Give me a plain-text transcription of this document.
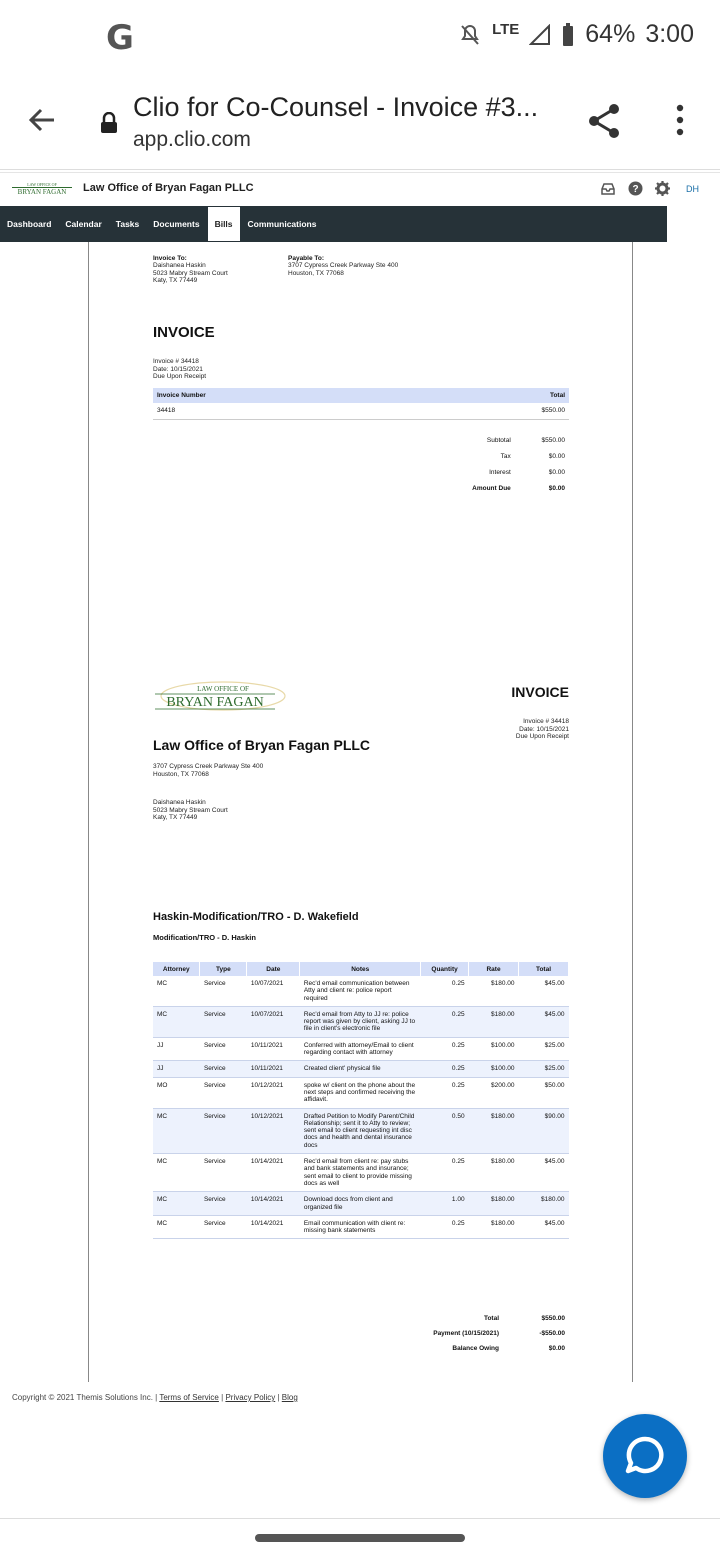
G	LTE	64% 3:00
Clio for Co-Counsel - Invoice #3...
app.clio.com
LAW OFFICE OF
BRYAN FAGAN Law Office of Bryan Fagan PLLC	?	DH
Dashboard	Calendar	Tasks	Documents	Bills	Communications
Invoice To:
Daishanea Haskin
5023 Mabry Stream Court
Katy, TX 77449
Payable To:
3707 Cypress Creek Parkway Ste 400
Houston, TX 77068
INVOICE
Invoice # 34418
Date: 10/15/2021
Due Upon Receipt
Invoice Number	Total
34418	$550.00
Subtotal	$550.00
Tax	$0.00
Interest	$0.00
Amount Due	$0.00
LAW OFFICE OF
BRYAN FAGAN
INVOICE
Invoice # 34418
Date: 10/15/2021
Due Upon Receipt
Law Office of Bryan Fagan PLLC
3707 Cypress Creek Parkway Ste 400
Houston, TX 77068
Daishanea Haskin
5023 Mabry Stream Court
Katy, TX 77449
Haskin-Modification/TRO - D. Wakefield
Modification/TRO - D. Haskin
Attorney	Type	Date	Notes	Quantity	Rate	Total
MC	Service	10/07/2021	Rec'd email communication between Atty and client re: police report required	0.25	$180.00	$45.00
MC	Service	10/07/2021	Rec'd email from Atty to JJ re: police report was given by client, asking JJ to file in client's electronic file	0.25	$180.00	$45.00
JJ	Service	10/11/2021	Conferred with attorney/Email to client regarding contact with attorney	0.25	$100.00	$25.00
JJ	Service	10/11/2021	Created client' physical file	0.25	$100.00	$25.00
MO	Service	10/12/2021	spoke w/ client on the phone about the next steps and confirmed receiving the affidavit.	0.25	$200.00	$50.00
MC	Service	10/12/2021	Drafted Petition to Modify Parent/Child Relationship; sent it to Atty to review; sent email to client requesting int disc docs and health and dental insurance docs	0.50	$180.00	$90.00
MC	Service	10/14/2021	Rec'd email from client re: pay stubs and bank statements and insurance; sent email to client to provide missing docs as well	0.25	$180.00	$45.00
MC	Service	10/14/2021	Download docs from client and organized file	1.00	$180.00	$180.00
MC	Service	10/14/2021	Email communication with client re: missing bank statements	0.25	$180.00	$45.00
Total	$550.00
Payment (10/15/2021)	-$550.00
Balance Owing	$0.00
Copyright © 2021 Themis Solutions Inc. | Terms of Service | Privacy Policy | Blog
